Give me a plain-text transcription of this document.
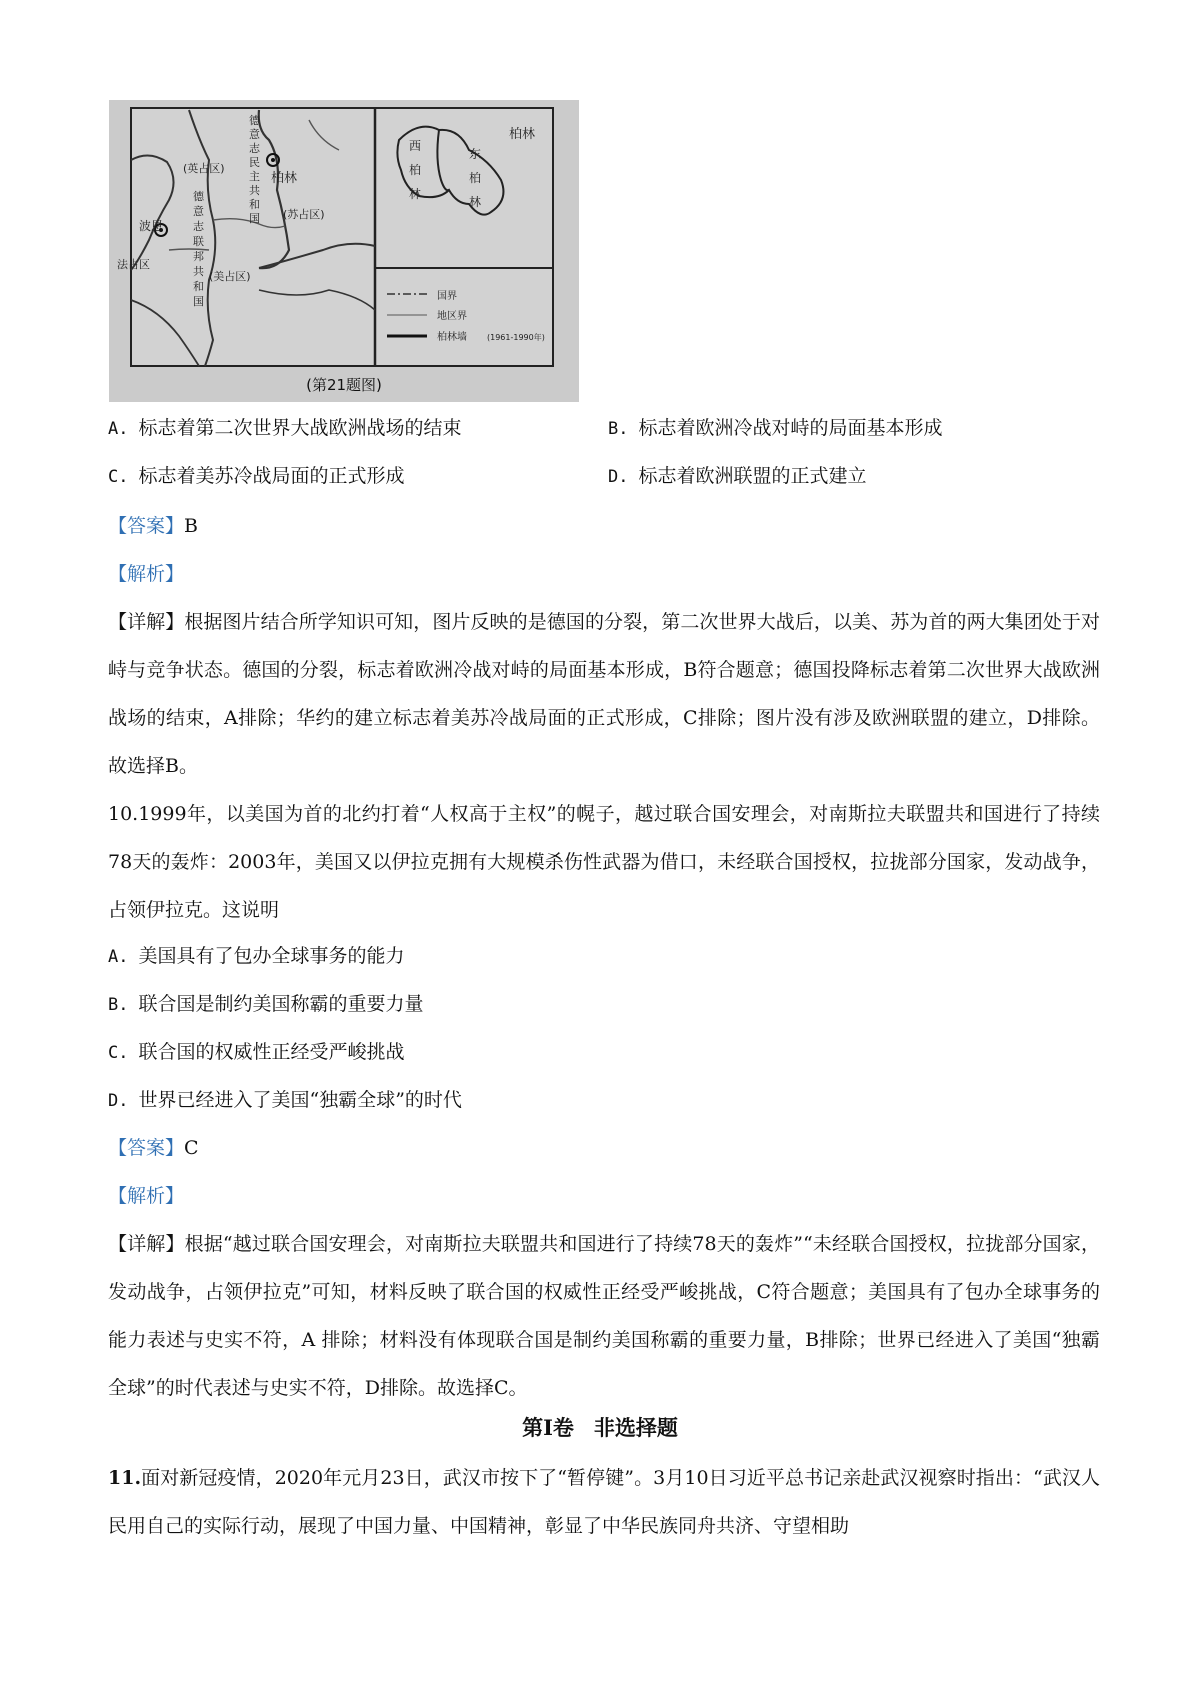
(英占区)
波恩
法占区
柏林
(苏占区)
(美占区)
柏林
国界
地区界
柏林墙	(1961-1990年)
德意志联邦共和国
德意志民主共和国
西柏林
东柏林
(第21题图)
A. 标志着第二次世界大战欧洲战场的结束	B. 标志着欧洲冷战对峙的局面基本形成
C. 标志着美苏冷战局面的正式形成	D. 标志着欧洲联盟的正式建立
【答案】B
【解析】
【详解】根据图片结合所学知识可知，图片反映的是德国的分裂，第二次世界大战后，以美、苏为首的两大集团处于对峙与竞争状态。德国的分裂，标志着欧洲冷战对峙的局面基本形成，B符合题意；德国投降标志着第二次世界大战欧洲战场的结束，A排除；华约的建立标志着美苏冷战局面的正式形成，C排除；图片没有涉及欧洲联盟的建立，D排除。故选择B。
10.1999年，以美国为首的北约打着“人权高于主权”的幌子，越过联合国安理会，对南斯拉夫联盟共和国进行了持续78天的轰炸：2003年，美国又以伊拉克拥有大规模杀伤性武器为借口，未经联合国授权，拉拢部分国家，发动战争，占领伊拉克。这说明
A. 美国具有了包办全球事务的能力
B. 联合国是制约美国称霸的重要力量
C. 联合国的权威性正经受严峻挑战
D. 世界已经进入了美国“独霸全球”的时代
【答案】C
【解析】
【详解】根据“越过联合国安理会，对南斯拉夫联盟共和国进行了持续78天的轰炸”“未经联合国授权，拉拢部分国家，发动战争，占领伊拉克”可知，材料反映了联合国的权威性正经受严峻挑战，C符合题意；美国具有了包办全球事务的能力表述与史实不符，A 排除；材料没有体现联合国是制约美国称霸的重要力量，B排除；世界已经进入了美国“独霸全球”的时代表述与史实不符，D排除。故选择C。
第Ⅰ卷 非选择题
11.面对新冠疫情，2020年元月23日，武汉市按下了“暂停键”。3月10日习近平总书记亲赴武汉视察时指出：“武汉人民用自己的实际行动，展现了中国力量、中国精神，彰显了中华民族同舟共济、守望相助
